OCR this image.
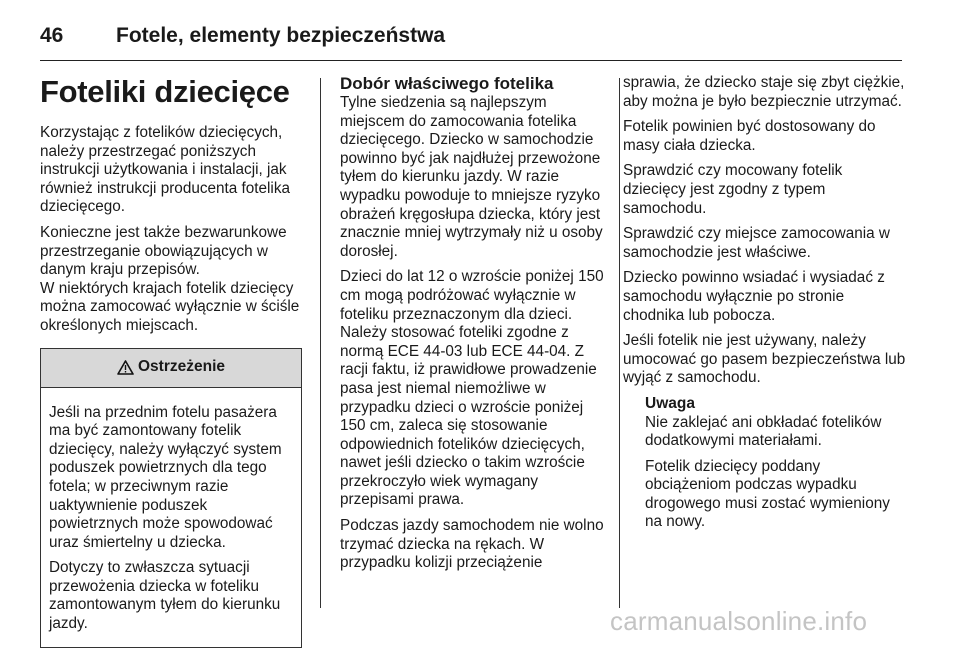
46	Fotele, elementy bezpieczeństwa
Foteliki dziecięce

Korzystając z fotelików dziecięcych, należy przestrzegać poniższych instrukcji użytkowania i instalacji, jak również instrukcji producenta fotelika dziecięcego.

Konieczne jest także bezwarunkowe przestrzeganie obowiązujących w danym kraju przepisów.

W niektórych krajach fotelik dziecięcy można zamocować wyłącznie w ściśle określonych miejscach.

Ostrzeżenie

Jeśli na przednim fotelu pasażera ma być zamontowany fotelik dziecięcy, należy wyłączyć system poduszek powietrznych dla tego fotela; w przeciwnym razie uaktywnienie poduszek powietrznych może spowodować uraz śmiertelny u dziecka.

Dotyczy to zwłaszcza sytuacji przewożenia dziecka w foteliku zamontowanym tyłem do kierunku jazdy.

Dobór właściwego fotelika

Tylne siedzenia są najlepszym miejscem do zamocowania fotelika dziecięcego. Dziecko w samochodzie powinno być jak najdłużej przewożone tyłem do kierunku jazdy. W razie wypadku powoduje to mniejsze ryzyko obrażeń kręgosłupa dziecka, który jest znacznie mniej wytrzymały niż u osoby dorosłej.

Dzieci do lat 12 o wzroście poniżej 150 cm mogą podróżować wyłącznie w foteliku przeznaczonym dla dzieci. Należy stosować foteliki zgodne z normą ECE 44-03 lub ECE 44-04. Z racji faktu, iż prawidłowe prowadzenie pasa jest niemal niemożliwe w przypadku dzieci o wzroście poniżej 150 cm, zaleca się stosowanie odpowiednich fotelików dziecięcych, nawet jeśli dziecko o takim wzroście przekroczyło wiek wymagany przepisami prawa.

Podczas jazdy samochodem nie wolno trzymać dziecka na rękach. W przypadku kolizji przeciążenie

sprawia, że dziecko staje się zbyt ciężkie, aby można je było bezpiecznie utrzymać.

Fotelik powinien być dostosowany do masy ciała dziecka.

Sprawdzić czy mocowany fotelik dziecięcy jest zgodny z typem samochodu.

Sprawdzić czy miejsce zamocowania w samochodzie jest właściwe.

Dziecko powinno wsiadać i wysiadać z samochodu wyłącznie po stronie chodnika lub pobocza.

Jeśli fotelik nie jest używany, należy umocować go pasem bezpieczeństwa lub wyjąć z samochodu.

Uwaga

Nie zaklejać ani obkładać fotelików dodatkowymi materiałami.

Fotelik dziecięcy poddany obciążeniom podczas wypadku drogowego musi zostać wymieniony na nowy.

carmanualsonline.info
